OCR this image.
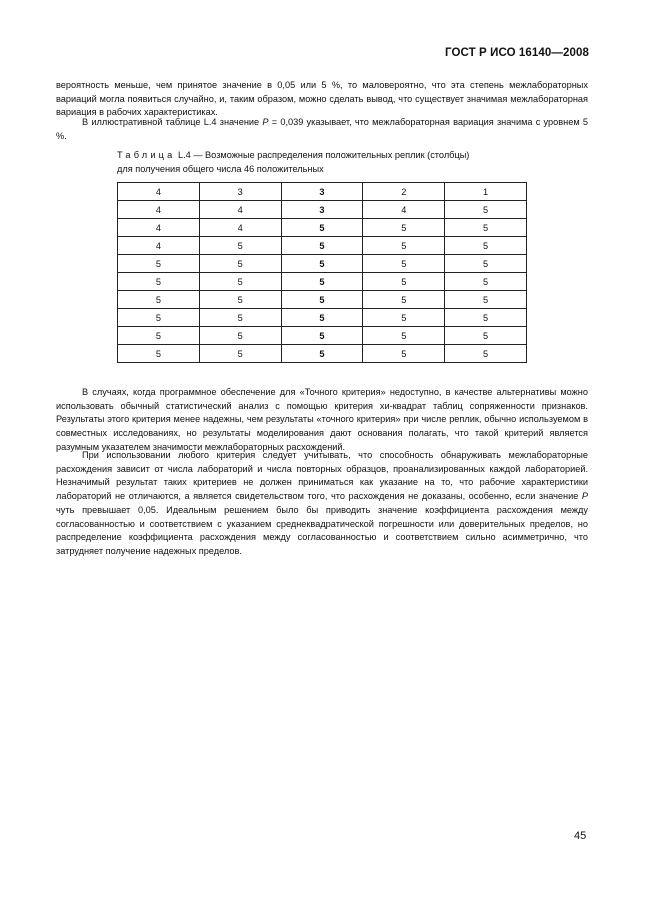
ГОСТ Р ИСО 16140—2008

вероятность меньше, чем принятое значение в 0,05 или 5 %, то маловероятно, что эта степень межлабораторных вариаций могла появиться случайно, и, таким образом, можно сделать вывод, что существует значимая межлабораторная вариация в рабочих характеристиках.

В иллюстративной таблице L.4 значение P = 0,039 указывает, что межлабораторная вариация значима с уровнем 5 %.

Таблица L.4 — Возможные распределения положительных реплик (столбцы)
для получения общего числа 46 положительных
4	3	3	2	1
4	4	3	4	5
4	4	5	5	5
4	5	5	5	5
5	5	5	5	5
5	5	5	5	5
5	5	5	5	5
5	5	5	5	5
5	5	5	5	5
5	5	5	5	5

В случаях, когда программное обеспечение для «Точного критерия» недоступно, в качестве альтернативы можно использовать обычный статистический анализ с помощью критерия хи-квадрат таблиц сопряженности признаков. Результаты этого критерия менее надежны, чем результаты «точного критерия» при числе реплик, обычно используемом в совместных исследованиях, но результаты моделирования дают основания полагать, что такой критерий является разумным указателем значимости межлабораторных расхождений.

При использовании любого критерия следует учитывать, что способность обнаруживать межлабораторные расхождения зависит от числа лабораторий и числа повторных образцов, проанализированных каждой лабораторией. Незначимый результат таких критериев не должен приниматься как указание на то, что рабочие характеристики лабораторий не отличаются, а является свидетельством того, что расхождения не доказаны, особенно, если значение P чуть превышает 0,05. Идеальным решением было бы приводить значение коэффициента расхождения между согласованностью и соответствием с указанием среднеквадратической погрешности или доверительных пределов, но распределение коэффициента расхождения между согласованностью и соответствием сильно асимметрично, что затрудняет получение надежных пределов.

45
